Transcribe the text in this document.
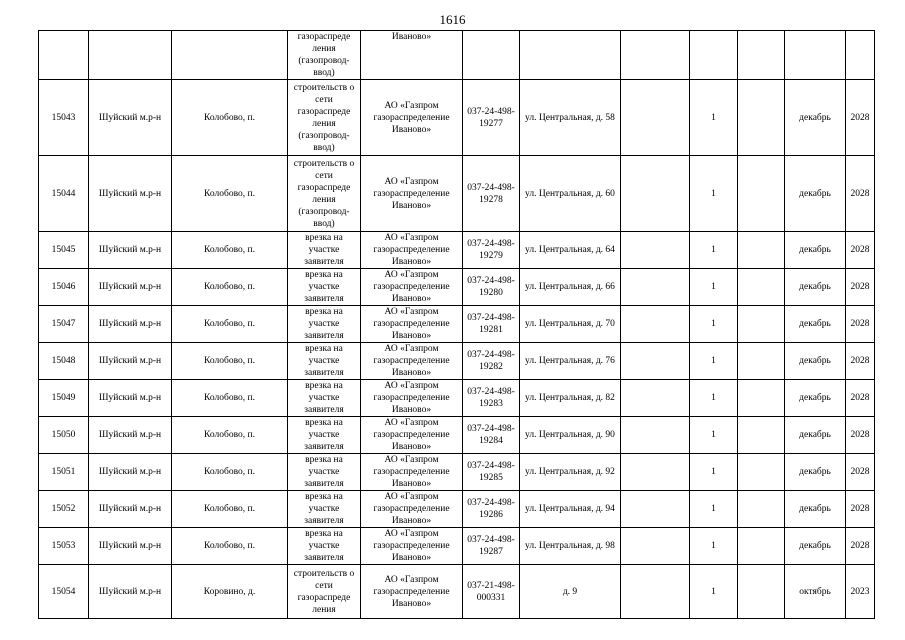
1616
			газораспреде ления (газопровод- ввод)	Иваново»							
15043	Шуйский м.р-н	Колобово, п.	строительств о сети газораспреде ления (газопровод- ввод)	АО «Газпром газораспределение Иваново»	037-24-498-19277	ул. Центральная, д. 58		1		декабрь	2028
15044	Шуйский м.р-н	Колобово, п.	строительств о сети газораспреде ления (газопровод- ввод)	АО «Газпром газораспределение Иваново»	037-24-498-19278	ул. Центральная, д. 60		1		декабрь	2028
15045	Шуйский м.р-н	Колобово, п.	врезка на участке заявителя	АО «Газпром газораспределение Иваново»	037-24-498-19279	ул. Центральная, д. 64		1		декабрь	2028
15046	Шуйский м.р-н	Колобово, п.	врезка на участке заявителя	АО «Газпром газораспределение Иваново»	037-24-498-19280	ул. Центральная, д. 66		1		декабрь	2028
15047	Шуйский м.р-н	Колобово, п.	врезка на участке заявителя	АО «Газпром газораспределение Иваново»	037-24-498-19281	ул. Центральная, д. 70		1		декабрь	2028
15048	Шуйский м.р-н	Колобово, п.	врезка на участке заявителя	АО «Газпром газораспределение Иваново»	037-24-498-19282	ул. Центральная, д. 76		1		декабрь	2028
15049	Шуйский м.р-н	Колобово, п.	врезка на участке заявителя	АО «Газпром газораспределение Иваново»	037-24-498-19283	ул. Центральная, д. 82		1		декабрь	2028
15050	Шуйский м.р-н	Колобово, п.	врезка на участке заявителя	АО «Газпром газораспределение Иваново»	037-24-498-19284	ул. Центральная, д. 90		1		декабрь	2028
15051	Шуйский м.р-н	Колобово, п.	врезка на участке заявителя	АО «Газпром газораспределение Иваново»	037-24-498-19285	ул. Центральная, д. 92		1		декабрь	2028
15052	Шуйский м.р-н	Колобово, п.	врезка на участке заявителя	АО «Газпром газораспределение Иваново»	037-24-498-19286	ул. Центральная, д. 94		1		декабрь	2028
15053	Шуйский м.р-н	Колобово, п.	врезка на участке заявителя	АО «Газпром газораспределение Иваново»	037-24-498-19287	ул. Центральная, д. 98		1		декабрь	2028
15054	Шуйский м.р-н	Коровино, д.	строительств о сети газораспреде ления	АО «Газпром газораспределение Иваново»	037-21-498-000331	д. 9		1		октябрь	2023
